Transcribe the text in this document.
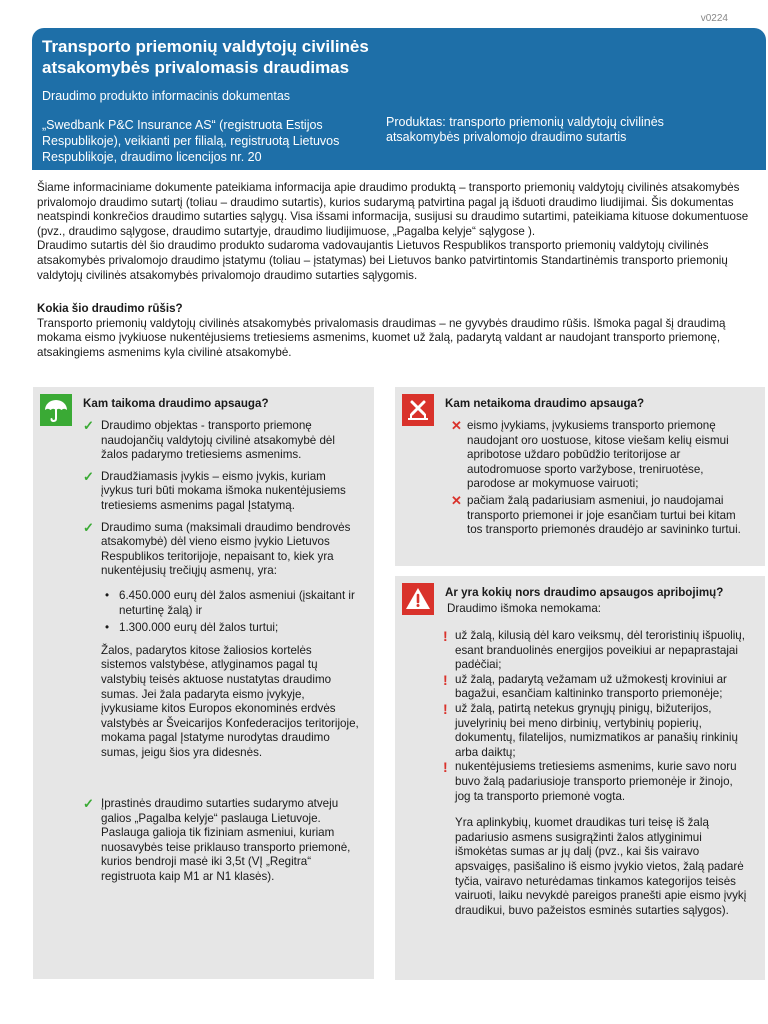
v0224
Transporto priemonių valdytojų civilinės atsakomybės privalomasis draudimas
Draudimo produkto informacinis dokumentas
„Swedbank P&C Insurance AS“ (registruota Estijos Respublikoje), veikianti per filialą, registruotą Lietuvos Respublikoje, draudimo licencijos nr. 20
Produktas: transporto priemonių valdytojų civilinės atsakomybės privalomojo draudimo sutartis

Šiame informaciniame dokumente pateikiama informacija apie draudimo produktą – transporto priemonių valdytojų civilinės atsakomybės privalomojo draudimo sutartį (toliau – draudimo sutartis), kurios sudarymą patvirtina pagal ją išduoti draudimo liudijimai. Šis dokumentas neatspindi konkrečios draudimo sutarties sąlygų. Visa išsami informacija, susijusi su draudimo sutartimi, pateikiama kituose dokumentuose (pvz., draudimo sąlygose, draudimo sutartyje, draudimo liudijimuose, „Pagalba kelyje“ sąlygose ).

Draudimo sutartis dėl šio draudimo produkto sudaroma vadovaujantis Lietuvos Respublikos transporto priemonių valdytojų civilinės atsakomybės privalomojo draudimo įstatymu (toliau – įstatymas) bei Lietuvos banko patvirtintomis Standartinėmis transporto priemonių valdytojų civilinės atsakomybės privalomojo draudimo sutarties sąlygomis.

Kokia šio draudimo rūšis?

Transporto priemonių valdytojų civilinės atsakomybės privalomasis draudimas – ne gyvybės draudimo rūšis. Išmoka pagal šį draudimą mokama eismo įvykiuose nukentėjusiems tretiesiems asmenims, kuomet už žalą, padarytą valdant ar naudojant transporto priemonę, atsakingiems asmenims kyla civilinė atsakomybė.

Kam taikoma draudimo apsauga?
✓ Draudimo objektas - transporto priemonę naudojančių valdytojų civilinė atsakomybė dėl žalos padarymo tretiesiems asmenims.
✓ Draudžiamasis įvykis – eismo įvykis, kuriam įvykus turi būti mokama išmoka nukentėjusiems tretiesiems asmenims pagal Įstatymą.
✓ Draudimo suma (maksimali draudimo bendrovės atsakomybė) dėl vieno eismo įvykio Lietuvos Respublikos teritorijoje, nepaisant to, kiek yra nukentėjusių trečiųjų asmenų, yra:
• 6.450.000 eurų dėl žalos asmeniui (įskaitant ir neturtinę žalą) ir
• 1.300.000 eurų dėl žalos turtui;
Žalos, padarytos kitose žaliosios kortelės sistemos valstybėse, atlyginamos pagal tų valstybių teisės aktuose nustatytas draudimo sumas. Jei žala padaryta eismo įvykyje, įvykusiame kitos Europos ekonominės erdvės valstybės ar Šveicarijos Konfederacijos teritorijoje, mokama pagal Įstatyme nurodytas draudimo sumas, jeigu šios yra didesnės.
✓ Įprastinės draudimo sutarties sudarymo atveju galios „Pagalba kelyje“ paslauga Lietuvoje. Paslauga galioja tik fiziniam asmeniui, kuriam nuosavybės teise priklauso transporto priemonė, kurios bendroji masė iki 3,5t (VĮ „Regitra“ registruota kaip M1 ar N1 klasės).
Kam netaikoma draudimo apsauga?
✕ eismo įvykiams, įvykusiems transporto priemonę naudojant oro uostuose, kitose viešam kelių eismui apribotose uždaro pobūdžio teritorijose ar autodromuose sporto varžybose, treniruotėse, parodose ar mokymuose vairuoti;
✕ pačiam žalą padariusiam asmeniui, jo naudojamai transporto priemonei ir joje esančiam turtui bei kitam tos transporto priemonės draudėjo ar savininko turtui.
Ar yra kokių nors draudimo apsaugos apribojimų?
Draudimo išmoka nemokama:
! už žalą, kilusią dėl karo veiksmų, dėl teroristinių išpuolių, esant branduolinės energijos poveikiui ar nepaprastajai padėčiai;
! už žalą, padarytą vežamam už užmokestį kroviniui ar bagažui, esančiam kaltininko transporto priemonėje;
! už žalą, patirtą netekus grynųjų pinigų, bižuterijos, juvelyrinių bei meno dirbinių, vertybinių popierių, dokumentų, filatelijos, numizmatikos ar panašių rinkinių arba daiktų;
! nukentėjusiems tretiesiems asmenims, kurie savo noru buvo žalą padariusioje transporto priemonėje ir žinojo, jog ta transporto priemonė vogta.
Yra aplinkybių, kuomet draudikas turi teisę iš žalą padariusio asmens susigrąžinti žalos atlyginimui išmokėtas sumas ar jų dalį (pvz., kai šis vairavo apsvaigęs, pasišalino iš eismo įvykio vietos, žalą padarė tyčia, vairavo neturėdamas tinkamos kategorijos teisės vairuoti, laiku nevykdė pareigos pranešti apie eismo įvykį draudikui, buvo pažeistos esminės sutarties sąlygos).
